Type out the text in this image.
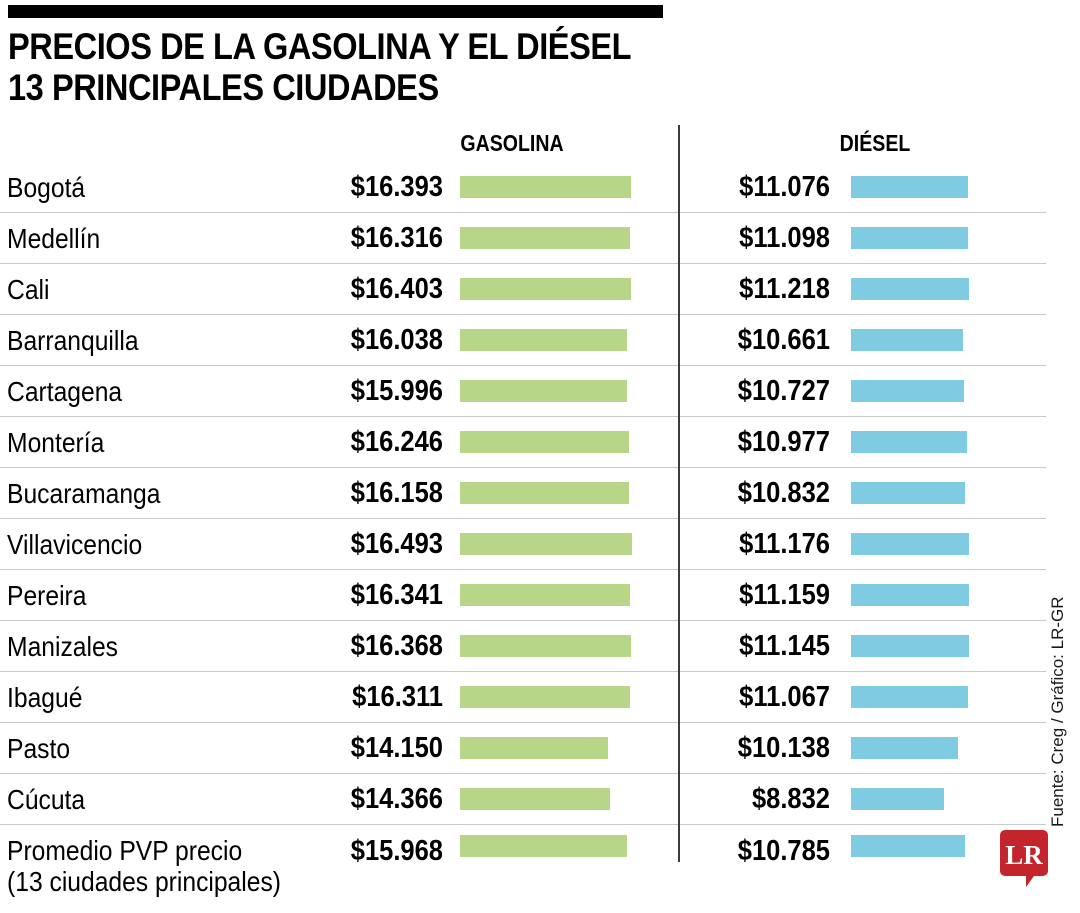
PRECIOS DE LA GASOLINA Y EL DIÉSEL
13 PRINCIPALES CIUDADES
GASOLINA	DIÉSEL
Bogotá	$16.393	$11.076
Medellín	$16.316	$11.098
Cali	$16.403	$11.218
Barranquilla	$16.038	$10.661
Cartagena	$15.996	$10.727
Montería	$16.246	$10.977
Bucaramanga	$16.158	$10.832
Villavicencio	$16.493	$11.176
Pereira	$16.341	$11.159
Manizales	$16.368	$11.145
Ibagué	$16.311	$11.067
Pasto	$14.150	$10.138
Cúcuta	$14.366	$8.832
Promedio PVP precio
(13 ciudades principales)
$15.968	$10.785
Fuente: Creg / Gráfico: LR-GR
LR
